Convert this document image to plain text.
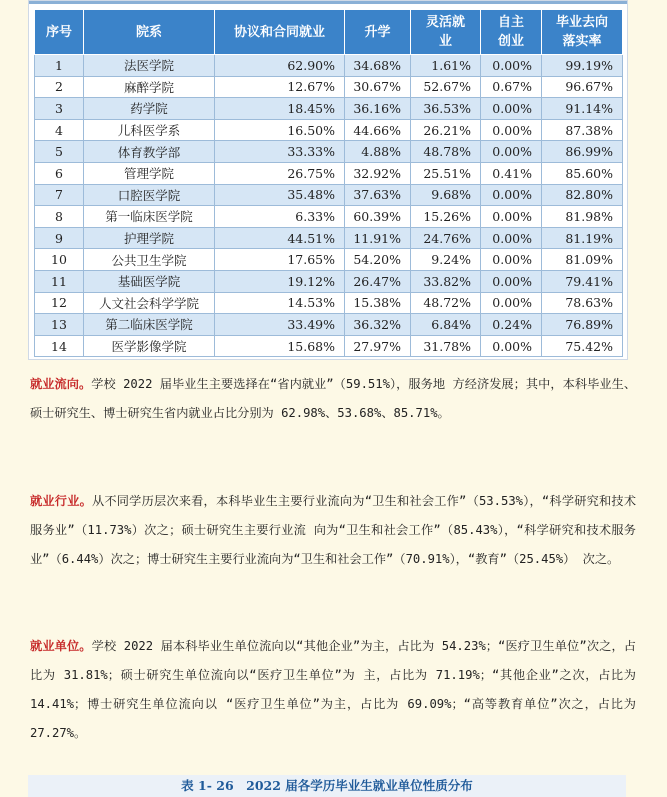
序号	院系	协议和合同就业	升学	灵活就业	自主创业	毕业去向落实率
1	法医学院	62.90%	34.68%	1.61%	0.00%	99.19%
2	麻醉学院	12.67%	30.67%	52.67%	0.67%	96.67%
3	药学院	18.45%	36.16%	36.53%	0.00%	91.14%
4	儿科医学系	16.50%	44.66%	26.21%	0.00%	87.38%
5	体育教学部	33.33%	4.88%	48.78%	0.00%	86.99%
6	管理学院	26.75%	32.92%	25.51%	0.41%	85.60%
7	口腔医学院	35.48%	37.63%	9.68%	0.00%	82.80%
8	第一临床医学院	6.33%	60.39%	15.26%	0.00%	81.98%
9	护理学院	44.51%	11.91%	24.76%	0.00%	81.19%
10	公共卫生学院	17.65%	54.20%	9.24%	0.00%	81.09%
11	基础医学院	19.12%	26.47%	33.82%	0.00%	79.41%
12	人文社会科学学院	14.53%	15.38%	48.72%	0.00%	78.63%
13	第二临床医学院	33.49%	36.32%	6.84%	0.24%	76.89%
14	医学影像学院	15.68%	27.97%	31.78%	0.00%	75.42%
就业流向。学校 2022 届毕业生主要选择在“省内就业”（59.51%），服务地 方经济发展；其中，本科毕业生、硕士研究生、博士研究生省内就业占比分别为 62.98%、53.68%、85.71%。
就业行业。从不同学历层次来看，本科毕业生主要行业流向为“卫生和社会工作”（53.53%），“科学研究和技术服务业”（11.73%）次之；硕士研究生主要行业流 向为“卫生和社会工作”（85.43%），“科学研究和技术服务业”（6.44%）次之；博士研究生主要行业流向为“卫生和社会工作”（70.91%），“教育”（25.45%） 次之。
就业单位。学校 2022 届本科毕业生单位流向以“其他企业”为主，占比为 54.23%；“医疗卫生单位”次之，占比为 31.81%；硕士研究生单位流向以“医疗卫生单位”为 主，占比为 71.19%；“其他企业”之次，占比为 14.41%；博士研究生单位流向以 “医疗卫生单位”为主，占比为 69.09%；“高等教育单位”次之，占比为 27.27%。
表 1- 26　2022 届各学历毕业生就业单位性质分布
